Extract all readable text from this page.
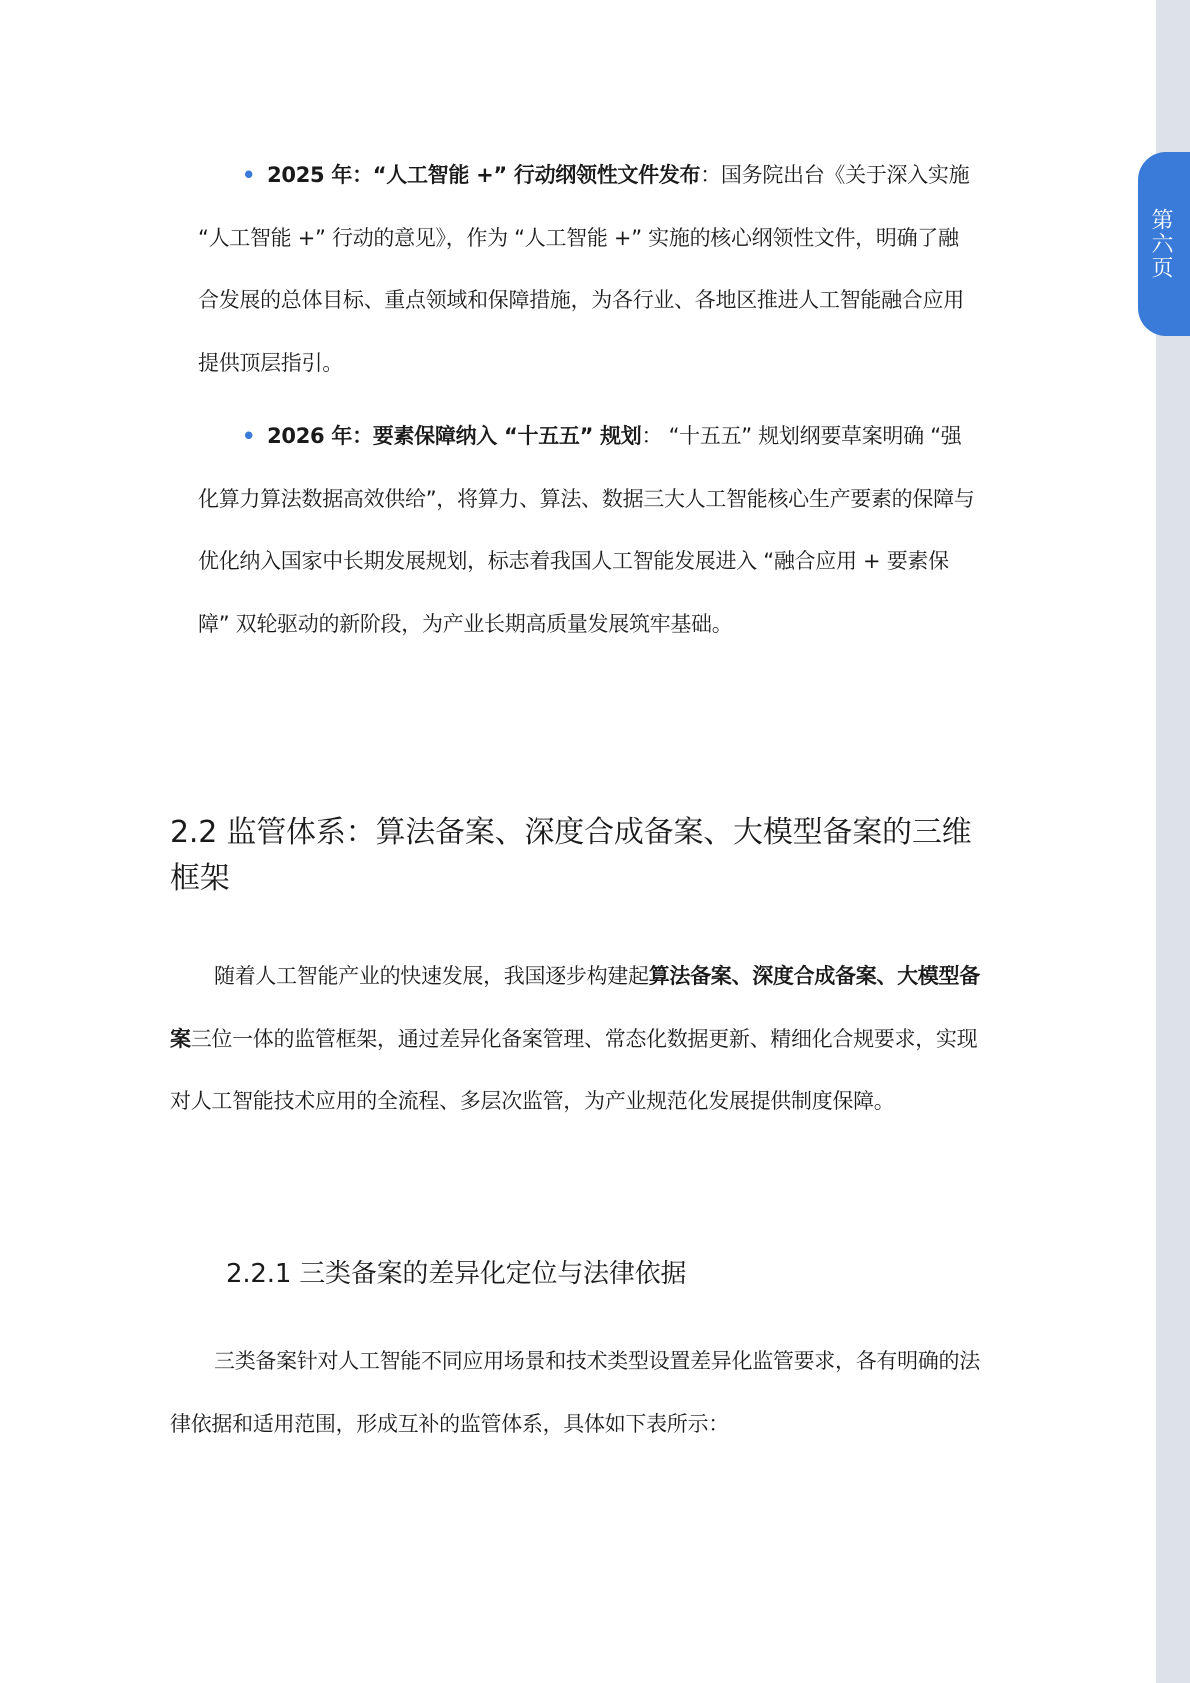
第六页
• 2025 年：“人工智能 +” 行动纲领性文件发布：国务院出台《关于深入实施 “人工智能 +” 行动的意见》，作为 “人工智能 +” 实施的核心纲领性文件，明确了融合发展的总体目标、重点领域和保障措施，为各行业、各地区推进人工智能融合应用提供顶层指引。
• 2026 年：要素保障纳入 “十五五” 规划： “十五五” 规划纲要草案明确 “强化算力算法数据高效供给”，将算力、算法、数据三大人工智能核心生产要素的保障与优化纳入国家中长期发展规划，标志着我国人工智能发展进入 “融合应用 + 要素保障” 双轮驱动的新阶段，为产业长期高质量发展筑牢基础。
2.2 监管体系：算法备案、深度合成备案、大模型备案的三维框架

随着人工智能产业的快速发展，我国逐步构建起算法备案、深度合成备案、大模型备案三位一体的监管框架，通过差异化备案管理、常态化数据更新、精细化合规要求，实现对人工智能技术应用的全流程、多层次监管，为产业规范化发展提供制度保障。

2.2.1 三类备案的差异化定位与法律依据

三类备案针对人工智能不同应用场景和技术类型设置差异化监管要求，各有明确的法律依据和适用范围，形成互补的监管体系，具体如下表所示：
